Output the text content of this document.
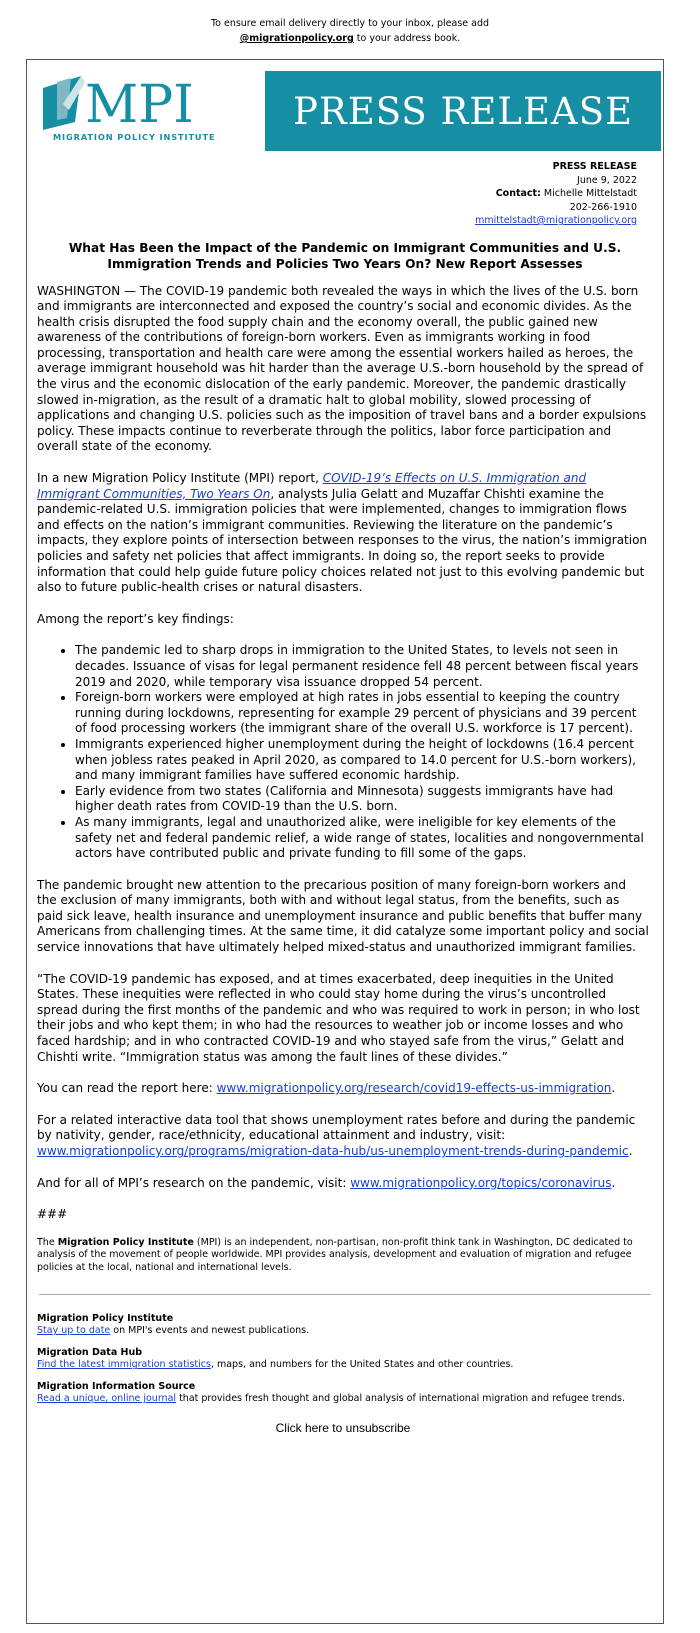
To ensure email delivery directly to your inbox, please add
@migrationpolicy.org to your address book.
MPI
MIGRATION POLICY INSTITUTE
PRESS RELEASE
PRESS RELEASE
June 9, 2022
Contact: Michelle Mittelstadt
202-266-1910
mmittelstadt@migrationpolicy.org
What Has Been the Impact of the Pandemic on Immigrant Communities and U.S. Immigration Trends and Policies Two Years On? New Report Assesses

WASHINGTON — The COVID-19 pandemic both revealed the ways in which the lives of the U.S. born and immigrants are interconnected and exposed the country’s social and economic divides. As the health crisis disrupted the food supply chain and the economy overall, the public gained new awareness of the contributions of foreign-born workers. Even as immigrants working in food processing, transportation and health care were among the essential workers hailed as heroes, the average immigrant household was hit harder than the average U.S.-born household by the spread of the virus and the economic dislocation of the early pandemic. Moreover, the pandemic drastically slowed in-migration, as the result of a dramatic halt to global mobility, slowed processing of applications and changing U.S. policies such as the imposition of travel bans and a border expulsions policy. These impacts continue to reverberate through the politics, labor force participation and overall state of the economy.

In a new Migration Policy Institute (MPI) report, COVID-19’s Effects on U.S. Immigration and Immigrant Communities, Two Years On, analysts Julia Gelatt and Muzaffar Chishti examine the pandemic-related U.S. immigration policies that were implemented, changes to immigration flows and effects on the nation’s immigrant communities. Reviewing the literature on the pandemic’s impacts, they explore points of intersection between responses to the virus, the nation’s immigration policies and safety net policies that affect immigrants. In doing so, the report seeks to provide information that could help guide future policy choices related not just to this evolving pandemic but also to future public-health crises or natural disasters.

Among the report’s key findings:

• The pandemic led to sharp drops in immigration to the United States, to levels not seen in decades. Issuance of visas for legal permanent residence fell 48 percent between fiscal years 2019 and 2020, while temporary visa issuance dropped 54 percent.
• Foreign-born workers were employed at high rates in jobs essential to keeping the country running during lockdowns, representing for example 29 percent of physicians and 39 percent of food processing workers (the immigrant share of the overall U.S. workforce is 17 percent).
• Immigrants experienced higher unemployment during the height of lockdowns (16.4 percent when jobless rates peaked in April 2020, as compared to 14.0 percent for U.S.-born workers), and many immigrant families have suffered economic hardship.
• Early evidence from two states (California and Minnesota) suggests immigrants have had higher death rates from COVID-19 than the U.S. born.
• As many immigrants, legal and unauthorized alike, were ineligible for key elements of the safety net and federal pandemic relief, a wide range of states, localities and nongovernmental actors have contributed public and private funding to fill some of the gaps.

The pandemic brought new attention to the precarious position of many foreign-born workers and the exclusion of many immigrants, both with and without legal status, from the benefits, such as paid sick leave, health insurance and unemployment insurance and public benefits that buffer many Americans from challenging times. At the same time, it did catalyze some important policy and social service innovations that have ultimately helped mixed-status and unauthorized immigrant families.

“The COVID-19 pandemic has exposed, and at times exacerbated, deep inequities in the United States. These inequities were reflected in who could stay home during the virus’s uncontrolled spread during the first months of the pandemic and who was required to work in person; in who lost their jobs and who kept them; in who had the resources to weather job or income losses and who faced hardship; and in who contracted COVID-19 and who stayed safe from the virus,” Gelatt and Chishti write. “Immigration status was among the fault lines of these divides.”

You can read the report here: www.migrationpolicy.org/research/covid19-effects-us-immigration.

For a related interactive data tool that shows unemployment rates before and during the pandemic by nativity, gender, race/ethnicity, educational attainment and industry, visit: www.migrationpolicy.org/programs/migration-data-hub/us-unemployment-trends-during-pandemic.

And for all of MPI’s research on the pandemic, visit: www.migrationpolicy.org/topics/coronavirus.

###
The Migration Policy Institute (MPI) is an independent, non-partisan, non-profit think tank in Washington, DC dedicated to analysis of the movement of people worldwide. MPI provides analysis, development and evaluation of migration and refugee policies at the local, national and international levels.
Migration Policy Institute
Stay up to date on MPI's events and newest publications.
Migration Data Hub
Find the latest immigration statistics, maps, and numbers for the United States and other countries.
Migration Information Source
Read a unique, online journal that provides fresh thought and global analysis of international migration and refugee trends.
Click here to unsubscribe
